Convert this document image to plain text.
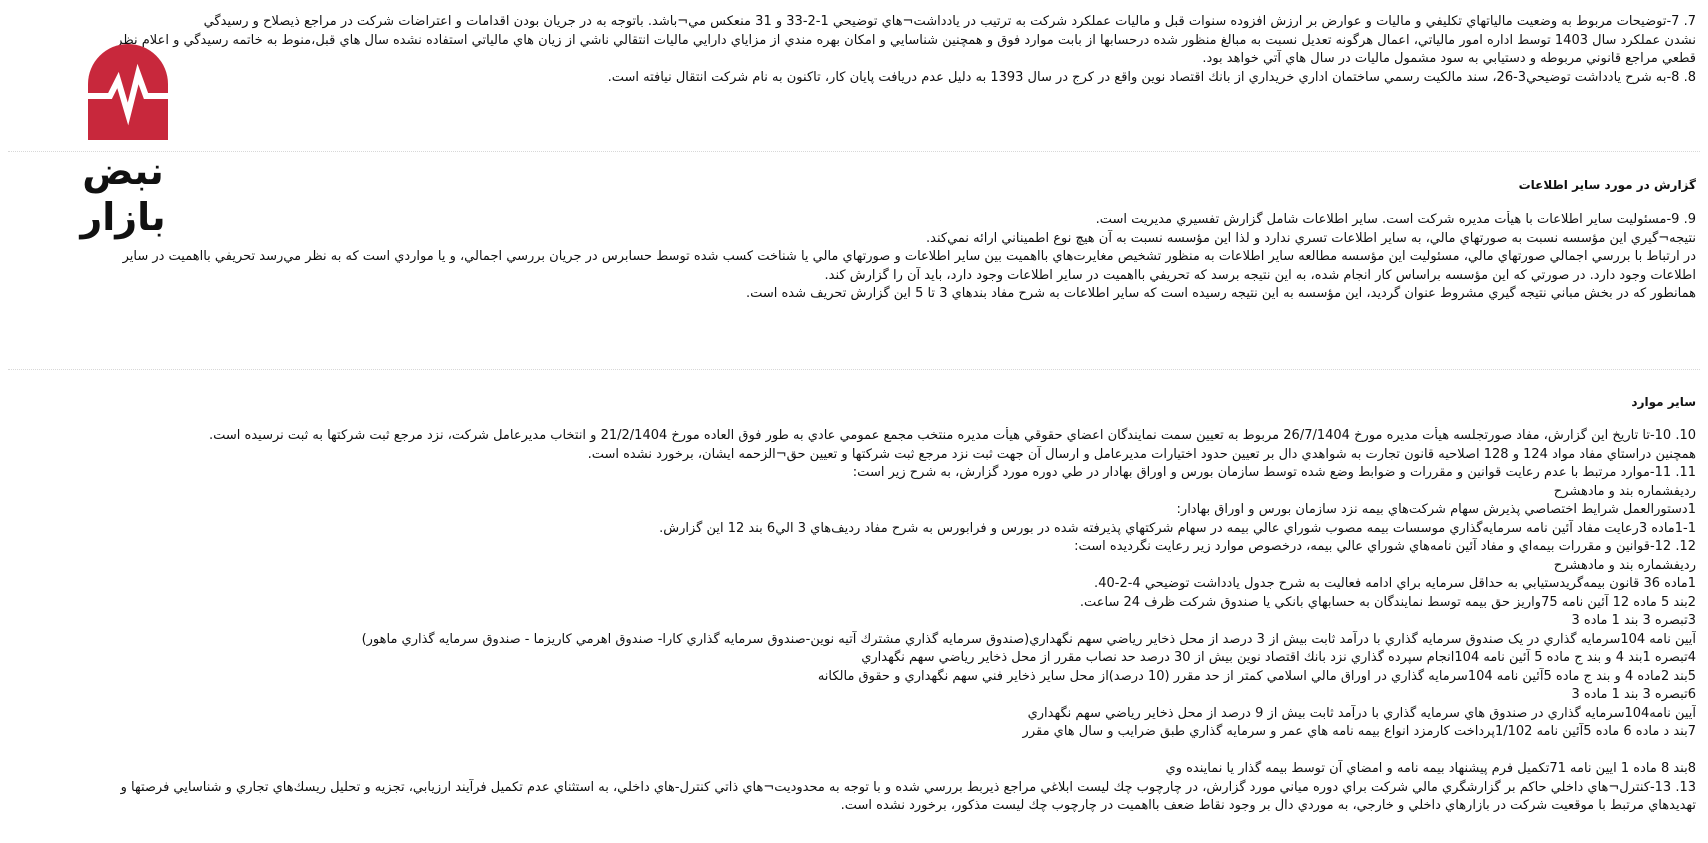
7. 7-توضيحات مربوط به وضعيت مالياتهاي تكليفي و ماليات و عوارض بر ارزش افزوده سنوات قبل و ماليات عملكرد شركت به ترتيب در يادداشت¬هاي توضيحي 1-2-33 و 31 منعكس مي¬باشد. باتوجه به در جريان بودن اقدامات و اعتراضات شركت در مراجع ذيصلاح و رسيدگي
نشدن عملكرد سال 1403 توسط اداره امور مالياتي، اعمال هرگونه تعديل نسبت به مبالغ منظور شده درحسابها از بابت موارد فوق و همچنين شناسايي و امكان بهره مندي از مزاياي دارايي ماليات انتقالي ناشي از زيان هاي مالياتي استفاده نشده سال هاي قبل،منوط به خاتمه رسيدگي و اعلام نظر
قطعي مراجع قانوني مربوطه و دستيابي به سود مشمول ماليات در سال هاي آتي خواهد بود.
8. 8-به شرح يادداشت توضيحي3-26، سند مالكيت رسمي ساختمان اداري خريداري از بانك اقتصاد نوين واقع در كرج در سال 1393 به دليل عدم دريافت پايان كار، تاكنون به نام شركت انتقال نيافته است.
نبض بازار
گزارش در مورد ساير اطلاعات
9. 9-مسئوليت ساير اطلاعات با هيأت مديره شركت است. ساير اطلاعات شامل گزارش تفسيري مديريت است.
نتيجه¬گيري اين مؤسسه نسبت به صورتهاي مالي، به ساير اطلاعات تسري ندارد و لذا اين مؤسسه نسبت به آن هيچ نوع اطميناني ارائه نمي‌كند.
در ارتباط با بررسي اجمالي صورتهاي مالي، مسئوليت اين مؤسسه مطالعه ساير اطلاعات به منظور تشخيص مغايرت‌هاي بااهميت بين ساير اطلاعات و صورتهاي مالي يا شناخت كسب شده توسط حسابرس در جريان بررسي اجمالي، و يا مواردي است كه به نظر مي‌رسد تحريفي بااهميت در ساير
اطلاعات وجود دارد. در صورتي كه اين مؤسسه براساس كار انجام شده، به اين نتيجه برسد كه تحريفي بااهميت در ساير اطلاعات وجود دارد، بايد آن را گزارش كند.
همانطور كه در بخش مباني نتيجه گيري مشروط عنوان گرديد، اين مؤسسه به اين نتيجه رسيده است كه ساير اطلاعات به شرح مفاد بندهاي 3 تا 5 اين گزارش تحريف شده است.
ساير موارد
10. 10-تا تاريخ اين گزارش، مفاد صورتجلسه هيأت مديره مورخ 26/7/1404 مربوط به تعيين سمت نمايندگان اعضاي حقوقي هيأت مديره منتخب مجمع عمومي عادي به طور فوق العاده مورخ 21/2/1404 و انتخاب مديرعامل شركت، نزد مرجع ثبت شركتها به ثبت نرسيده است.
همچنين دراستاي مفاد مواد 124 و 128 اصلاحيه قانون تجارت به شواهدي دال بر تعيين حدود اختيارات مديرعامل و ارسال آن جهت ثبت نزد مرجع ثبت شركتها و تعيين حق¬الزحمه ايشان، برخورد نشده است.
11. 11-موارد مرتبط با عدم رعايت قوانين و مقررات و ضوابط وضع شده توسط سازمان بورس و اوراق بهادار در طي دوره مورد گزارش، به شرح زير است:
رديفشماره بند و مادهشرح
1دستورالعمل شرايط اختصاصي پذيرش سهام شركت‌هاي بيمه نزد سازمان بورس و اوراق بهادار:
1-1ماده 3رعايت مفاد آئين نامه سرمايه‌گذاري موسسات بيمه مصوب شوراي عالي بيمه در سهام شركتهاي پذيرفته شده در بورس و فرابورس به شرح مفاد رديف‌هاي 3 الي6 بند 12 اين گزارش.
12. 12-قوانين و مقررات بيمه‌اي و مفاد آئين نامه‌هاي شوراي عالي بيمه، درخصوص موارد زير رعايت نگرديده است:
رديفشماره بند و مادهشرح
1ماده 36 قانون بيمه‌گريدستيابي به حداقل سرمايه براي ادامه فعاليت به شرح جدول يادداشت توضيحي 4-2-40.
2بند 5 ماده 12 آئين نامه 75واريز حق بيمه توسط نمايندگان به حسابهاي بانكي يا صندوق شركت ظرف 24 ساعت.
3تبصره 3 بند 1 ماده 3
آيين نامه 104سرمايه گذاري در يک صندوق سرمايه گذاري با درآمد ثابت بيش از 3 درصد از محل ذخاير رياضي سهم نگهداري(صندوق سرمايه گذاري مشترك آتيه نوين-صندوق سرمايه گذاري كارا- صندوق اهرمي كاريزما - صندوق سرمايه گذاري ماهور)
4تبصره 1بند 4 و بند ج ماده 5 آئين نامه 104انجام سپرده گذاري نزد بانك اقتصاد نوين بيش از 30 درصد حد نصاب مقرر از محل ذخاير رياضي سهم نگهداري
5بند 2ماده 4 و بند ج ماده 5آئين نامه 104سرمايه گذاري در اوراق مالي اسلامي كمتر از حد مقرر (10 درصد)از محل ساير ذخاير فني سهم نگهداري و حقوق مالكانه
6تبصره 3 بند 1 ماده 3
آيين نامه104سرمايه گذاري در صندوق هاي سرمايه گذاري با درآمد ثابت بيش از 9 درصد از محل ذخاير رياضي سهم نگهداري
7بند د ماده 6 ماده 5آئين نامه 1/102پرداخت كارمزد انواع بيمه نامه هاي عمر و سرمايه گذاري طبق ضرايب و سال هاي مقرر

8بند 8 ماده 1 ايين نامه 71تكميل فرم پيشنهاد بيمه نامه و امضاي آن توسط بيمه گذار يا نماينده وي
13. 13-كنترل¬هاي داخلي حاكم بر گزارشگري مالي شركت براي دوره مياني مورد گزارش، در چارچوب چك ليست ابلاغي مراجع ذيربط بررسي شده و با توجه به محدوديت¬هاي ذاتي كنترل-هاي داخلي، به استثناي عدم تكميل فرآيند ارزيابي، تجزيه و تحليل ريسك‌هاي تجاري و شناسايي فرصتها و
تهديدهاي مرتبط با موقعيت شركت در بازارهاي داخلي و خارجي، به موردي دال بر وجود نقاط ضعف بااهميت در چارچوب چك ليست مذكور، برخورد نشده است.
